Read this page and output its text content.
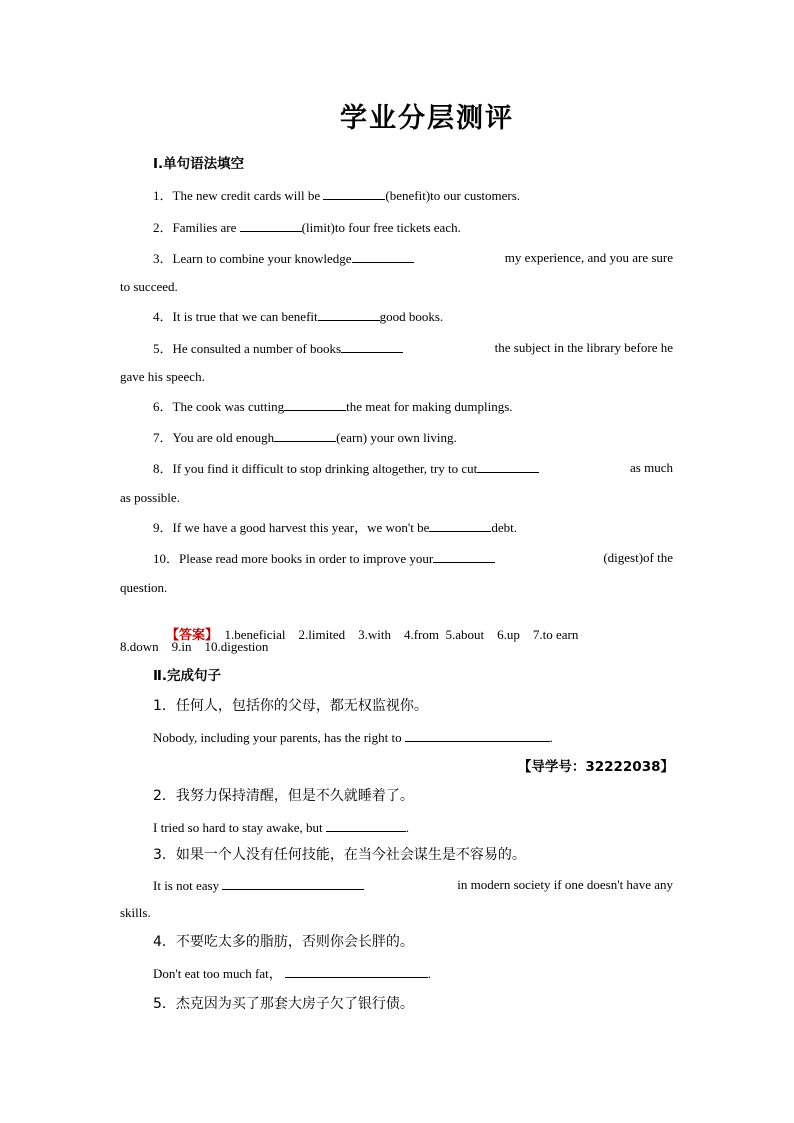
学业分层测评
Ⅰ.单句语法填空
1．The new credit cards will be	(benefit)to our customers.
2．Families are	(limit)to four free tickets each.
3．Learn to combine your knowledge	my experience, and you are sure
to succeed.
4．It is true that we can benefit	good books.
5．He consulted a number of books	the subject in the library before he
gave his speech.
6．The cook was cutting	the meat for making dumplings.
7．You are old enough	(earn) your own living.
8．If you find it difficult to stop drinking altogether, try to cut	as much
as possible.
9．If we have a good harvest this year，we won't be	debt.
10．Please read more books in order to improve your	(digest)of the
question.

【答案】 1.beneficial    2.limited    3.with    4.from  5.about    6.up    7.to earn

8.down    9.in    10.digestion
Ⅱ.完成句子
1．任何人，包括你的父母，都无权监视你。
Nobody, including your parents, has the right to	.
【导学号：32222038】
2．我努力保持清醒，但是不久就睡着了。
I tried so hard to stay awake, but	.
3．如果一个人没有任何技能，在当今社会谋生是不容易的。
It is not easy	in modern society if one doesn't have any
skills.
4．不要吃太多的脂肪，否则你会长胖的。
Don't eat too much fat，	.
5．杰克因为买了那套大房子欠了银行债。
